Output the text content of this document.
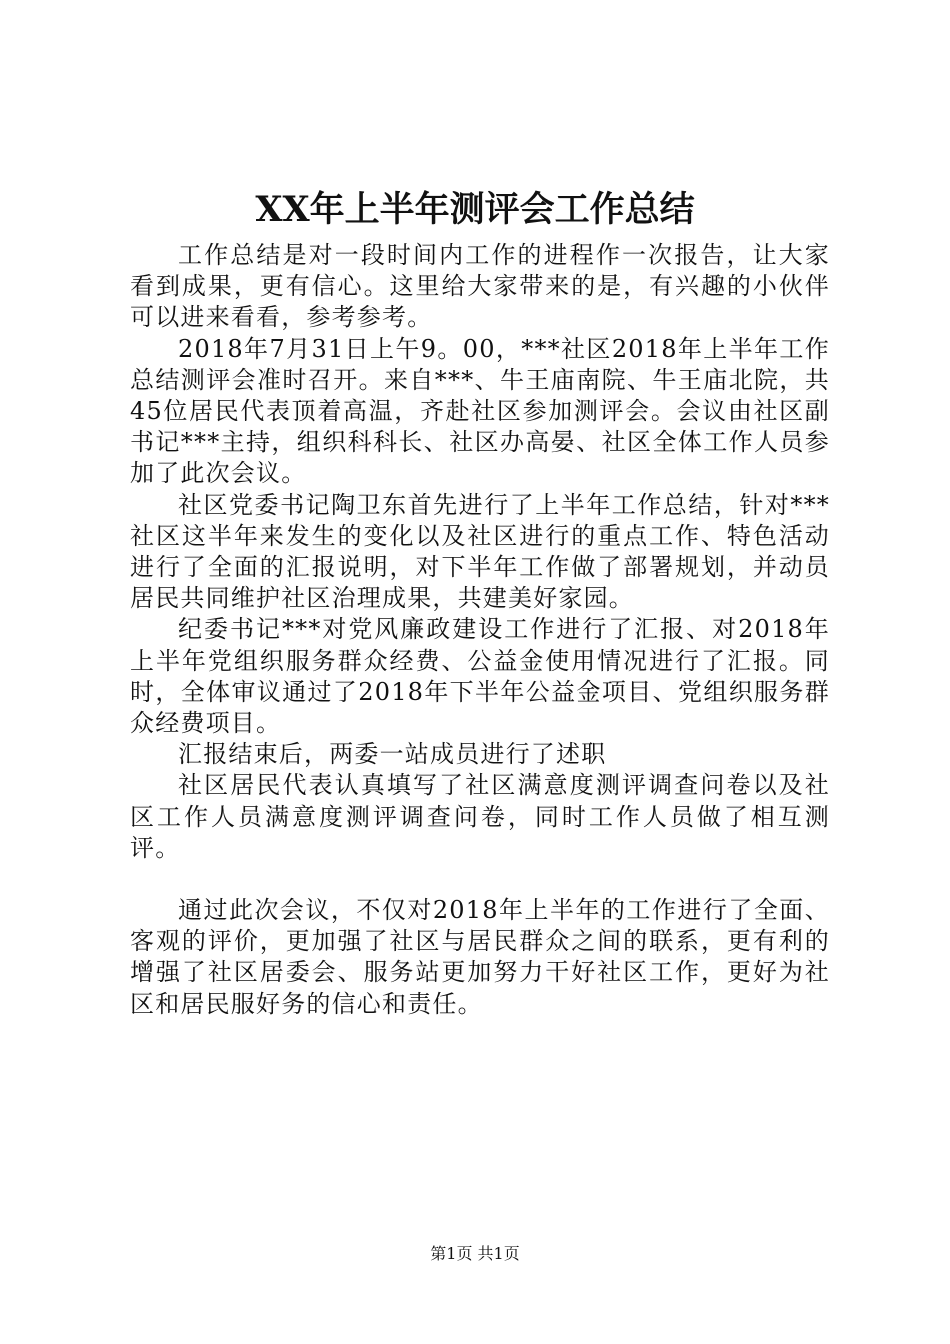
XX年上半年测评会工作总结

工作总结是对一段时间内工作的进程作一次报告，让大家看到成果，更有信心。这里给大家带来的是，有兴趣的小伙伴可以进来看看，参考参考。

2018年7月31日上午9。00，***社区2018年上半年工作总结测评会准时召开。来自***、牛王庙南院、牛王庙北院，共45位居民代表顶着高温，齐赴社区参加测评会。会议由社区副书记***主持，组织科科长、社区办高晏、社区全体工作人员参加了此次会议。

社区党委书记陶卫东首先进行了上半年工作总结，针对***社区这半年来发生的变化以及社区进行的重点工作、特色活动进行了全面的汇报说明，对下半年工作做了部署规划，并动员居民共同维护社区治理成果，共建美好家园。

纪委书记***对党风廉政建设工作进行了汇报、对2018年上半年党组织服务群众经费、公益金使用情况进行了汇报。同时，全体审议通过了2018年下半年公益金项目、党组织服务群众经费项目。

汇报结束后，两委一站成员进行了述职

社区居民代表认真填写了社区满意度测评调查问卷以及社区工作人员满意度测评调查问卷，同时工作人员做了相互测评。

通过此次会议，不仅对2018年上半年的工作进行了全面、客观的评价，更加强了社区与居民群众之间的联系，更有利的增强了社区居委会、服务站更加努力干好社区工作，更好为社区和居民服好务的信心和责任。

第1页 共1页
